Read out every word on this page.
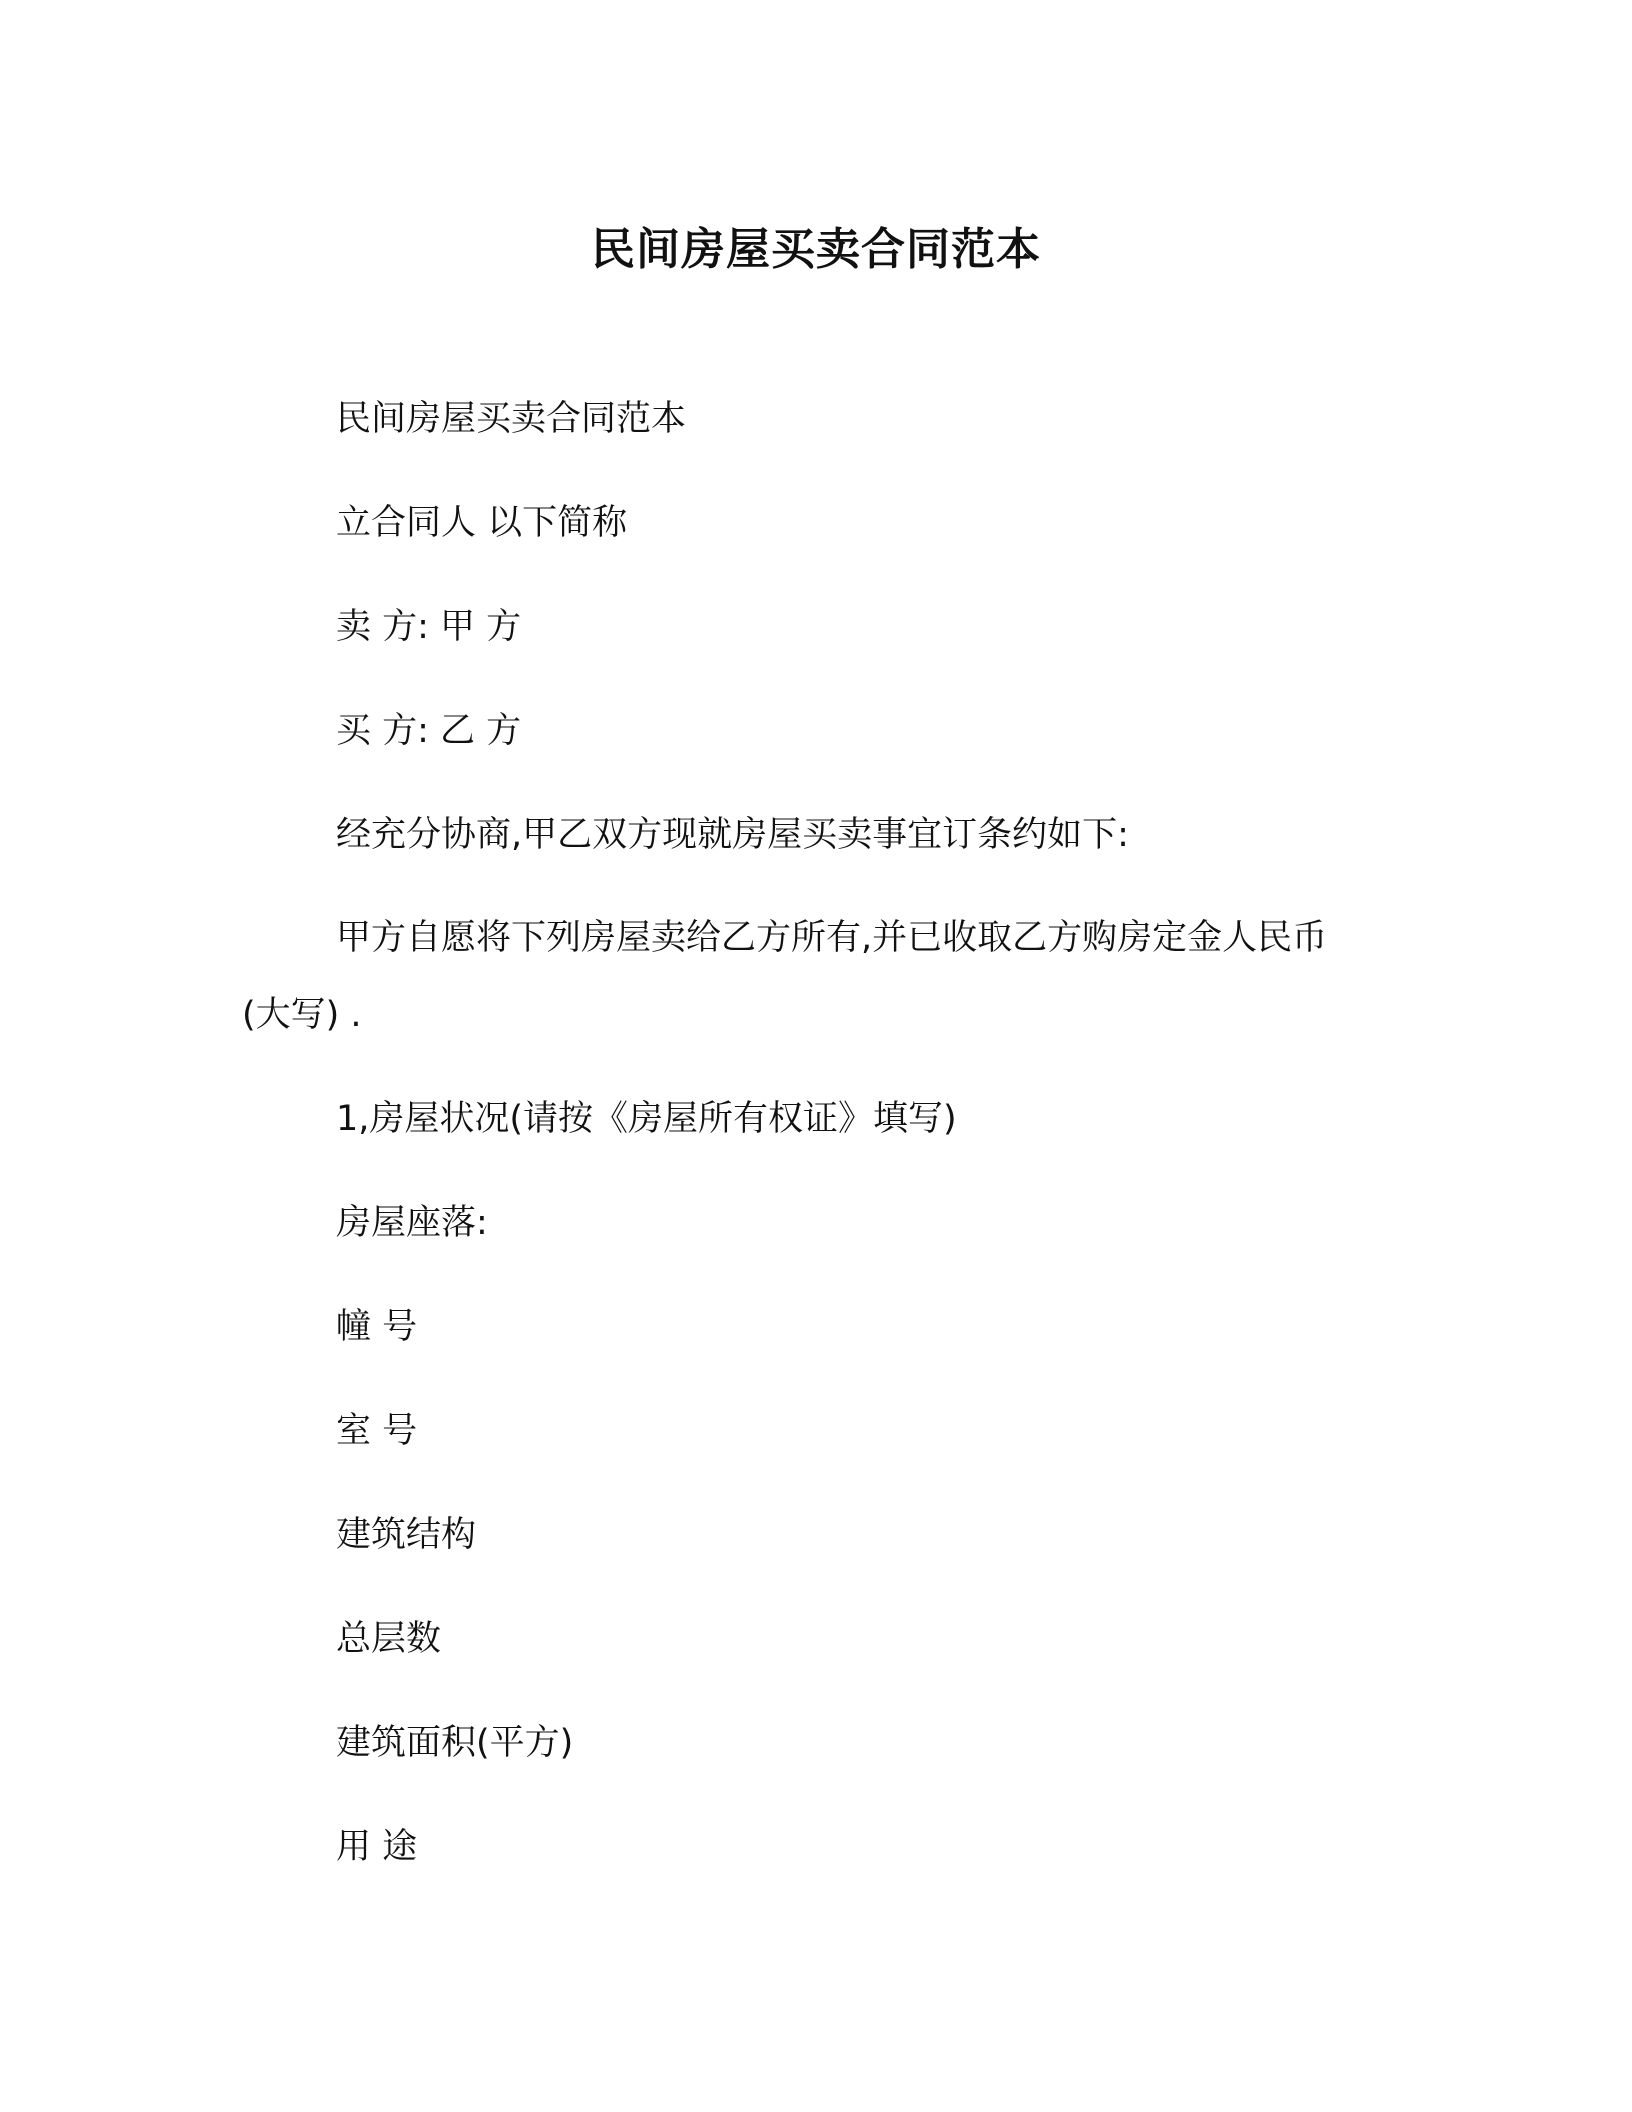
民间房屋买卖合同范本

民间房屋买卖合同范本

立合同人 以下简称

卖 方: 甲 方

买 方: 乙 方

经充分协商,甲乙双方现就房屋买卖事宜订条约如下:

甲方自愿将下列房屋卖给乙方所有,并已收取乙方购房定金人民币(大写) .

1,房屋状况(请按《房屋所有权证》填写)

房屋座落:

幢 号

室 号

建筑结构

总层数

建筑面积(平方)

用 途
